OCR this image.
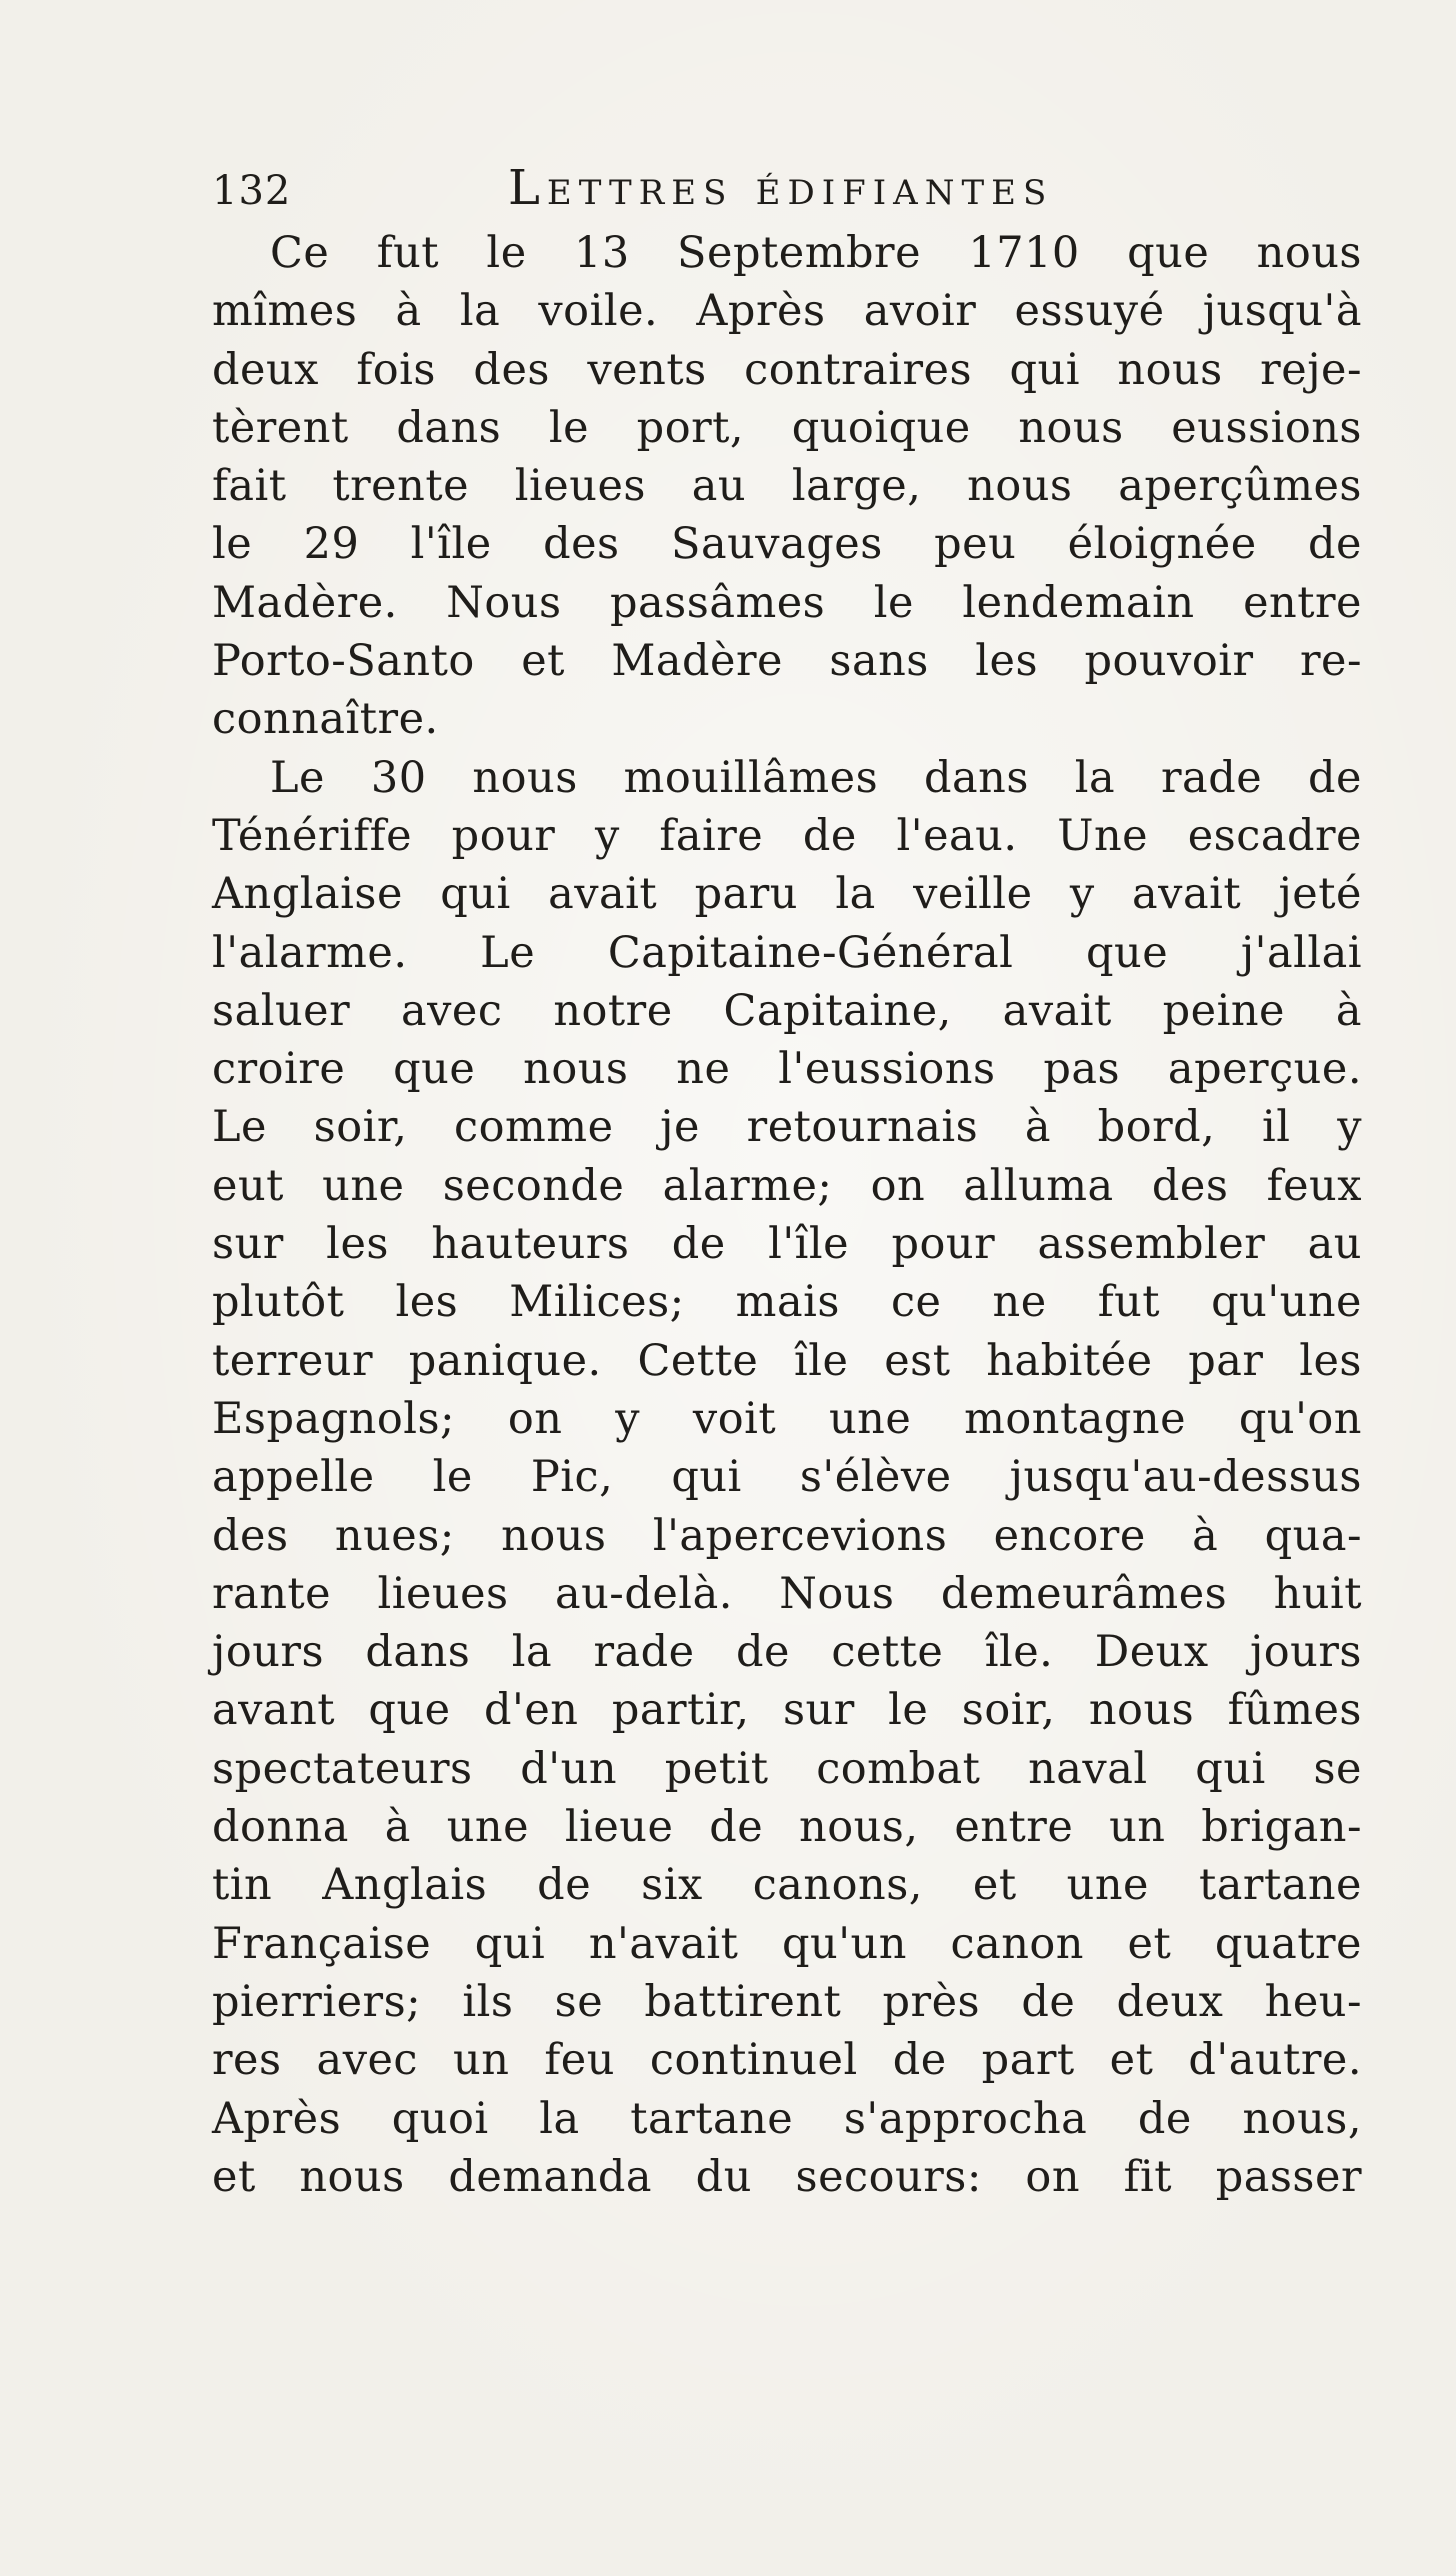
132	Lettres édifiantes
Ce fut le 13 Septembre 1710 que nous
mîmes à la voile. Après avoir essuyé jusqu'à
deux fois des vents contraires qui nous reje-
tèrent dans le port, quoique nous eussions
fait trente lieues au large, nous aperçûmes
le 29 l'île des Sauvages peu éloignée de
Madère. Nous passâmes le lendemain entre
Porto-Santo et Madère sans les pouvoir re-
connaître.
Le 30 nous mouillâmes dans la rade de
Ténériffe pour y faire de l'eau. Une escadre
Anglaise qui avait paru la veille y avait jeté
l'alarme. Le Capitaine-Général que j'allai
saluer avec notre Capitaine, avait peine à
croire que nous ne l'eussions pas aperçue.
Le soir, comme je retournais à bord, il y
eut une seconde alarme; on alluma des feux
sur les hauteurs de l'île pour assembler au
plutôt les Milices; mais ce ne fut qu'une
terreur panique. Cette île est habitée par les
Espagnols; on y voit une montagne qu'on
appelle le Pic, qui s'élève jusqu'au-dessus
des nues; nous l'apercevions encore à qua-
rante lieues au-delà. Nous demeurâmes huit
jours dans la rade de cette île. Deux jours
avant que d'en partir, sur le soir, nous fûmes
spectateurs d'un petit combat naval qui se
donna à une lieue de nous, entre un brigan-
tin Anglais de six canons, et une tartane
Française qui n'avait qu'un canon et quatre
pierriers; ils se battirent près de deux heu-
res avec un feu continuel de part et d'autre.
Après quoi la tartane s'approcha de nous,
et nous demanda du secours: on fit passer
